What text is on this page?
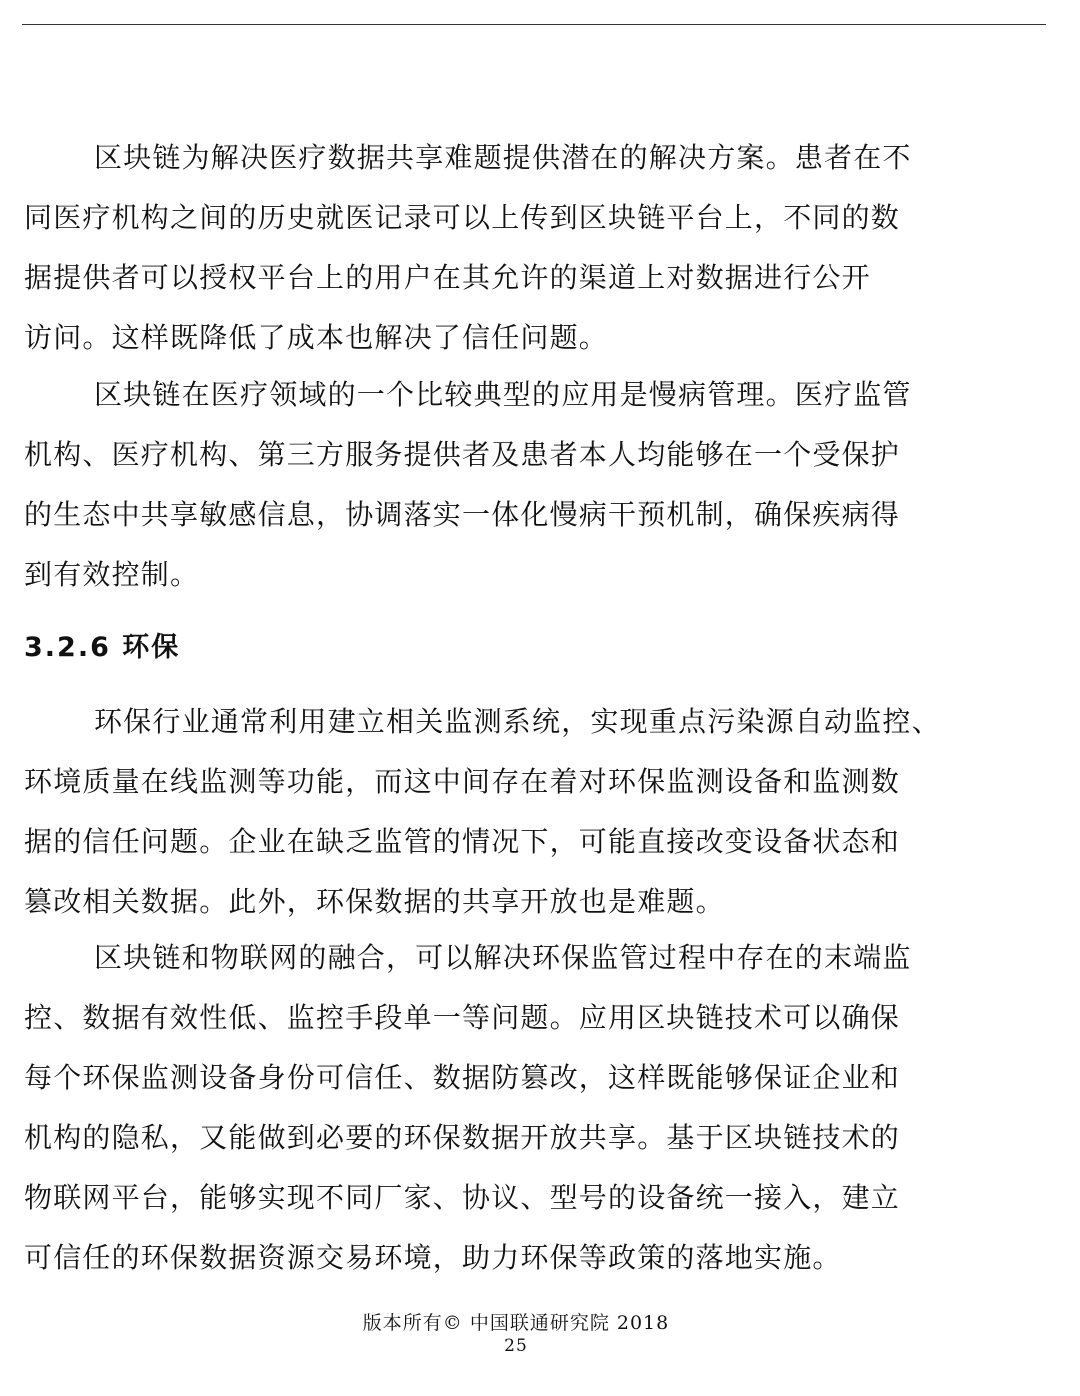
区块链为解决医疗数据共享难题提供潜在的解决方案。患者在不
同医疗机构之间的历史就医记录可以上传到区块链平台上，不同的数
据提供者可以授权平台上的用户在其允许的渠道上对数据进行公开
访问。这样既降低了成本也解决了信任问题。
区块链在医疗领域的一个比较典型的应用是慢病管理。医疗监管
机构、医疗机构、第三方服务提供者及患者本人均能够在一个受保护
的生态中共享敏感信息，协调落实一体化慢病干预机制，确保疾病得
到有效控制。
3.2.6 环保
环保行业通常利用建立相关监测系统，实现重点污染源自动监控、
环境质量在线监测等功能，而这中间存在着对环保监测设备和监测数
据的信任问题。企业在缺乏监管的情况下，可能直接改变设备状态和
篡改相关数据。此外，环保数据的共享开放也是难题。
区块链和物联网的融合，可以解决环保监管过程中存在的末端监
控、数据有效性低、监控手段单一等问题。应用区块链技术可以确保
每个环保监测设备身份可信任、数据防篡改，这样既能够保证企业和
机构的隐私，又能做到必要的环保数据开放共享。基于区块链技术的
物联网平台，能够实现不同厂家、协议、型号的设备统一接入，建立
可信任的环保数据资源交易环境，助力环保等政策的落地实施。
版本所有© 中国联通研究院 2018
25
